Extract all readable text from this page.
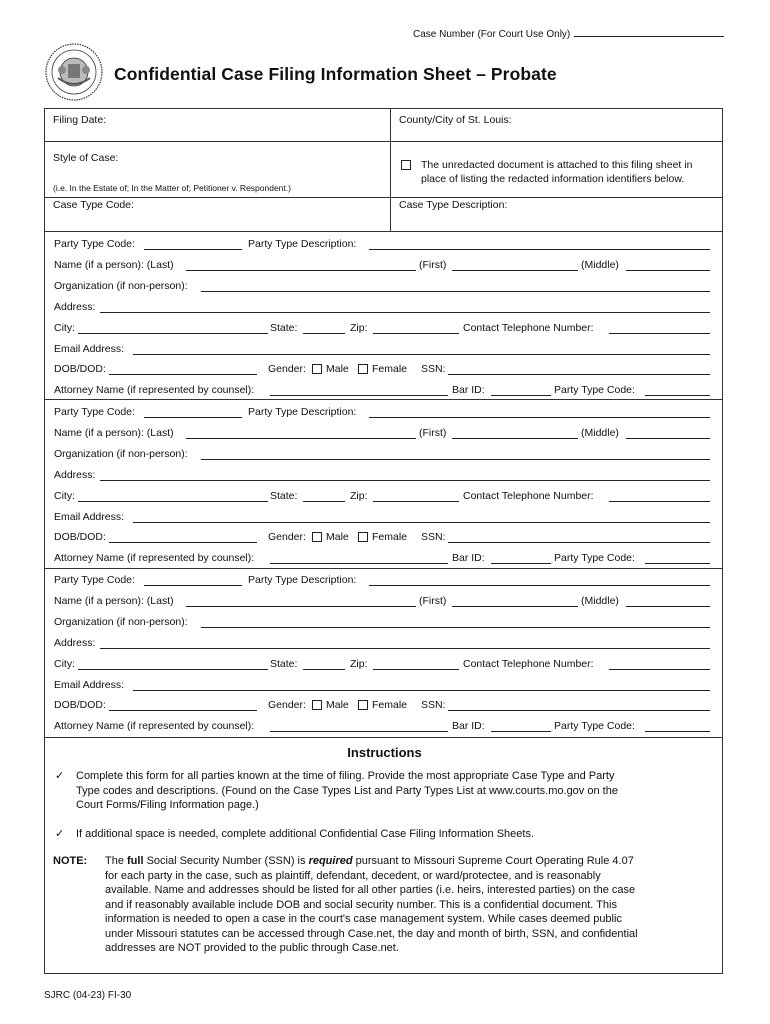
Case Number (For Court Use Only)
Confidential Case Filing Information Sheet – Probate
Filing Date:	County/City of St. Louis:
Style of Case:
(i.e. In the Estate of; In the Matter of; Petitioner v. Respondent.)
The unredacted document is attached to this filing sheet in
place of listing the redacted information identifiers below.
Case Type Code:	Case Type Description:
Instructions
✓ Complete this form for all parties known at the time of filing. Provide the most appropriate Case Type and Party
Type codes and descriptions. (Found on the Case Types List and Party Types List at www.courts.mo.gov on the
Court Forms/Filing Information page.)
✓ If additional space is needed, complete additional Confidential Case Filing Information Sheets.
NOTE: The full Social Security Number (SSN) is required pursuant to Missouri Supreme Court Operating Rule 4.07
for each party in the case, such as plaintiff, defendant, decedent, or ward/protectee, and is reasonably
available. Name and addresses should be listed for all other parties (i.e. heirs, interested parties) on the case
and if reasonably available include DOB and social security number. This is a confidential document. This
information is needed to open a case in the court's case management system. While cases deemed public
under Missouri statutes can be accessed through Case.net, the day and month of birth, SSN, and confidential
addresses are NOT provided to the public through Case.net.
Party Type Code:	Party Type Description:
Name (if a person): (Last)	(First)	(Middle)
Organization (if non-person):
Address:
City:	State:	Zip:	Contact Telephone Number:
Email Address:
DOB/DOD:	Gender: Male Female SSN:
Attorney Name (if represented by counsel):	Bar ID:	Party Type Code:
Party Type Code:	Party Type Description:
Name (if a person): (Last)	(First)	(Middle)
Organization (if non-person):
Address:
City:	State:	Zip:	Contact Telephone Number:
Email Address:
DOB/DOD:	Gender: Male Female SSN:
Attorney Name (if represented by counsel):	Bar ID:	Party Type Code:
Party Type Code:	Party Type Description:
Name (if a person): (Last)	(First)	(Middle)
Organization (if non-person):
Address:
City:	State:	Zip:	Contact Telephone Number:
Email Address:
DOB/DOD:	Gender: Male Female SSN:
Attorney Name (if represented by counsel):	Bar ID:	Party Type Code:
SJRC (04-23) FI-30
